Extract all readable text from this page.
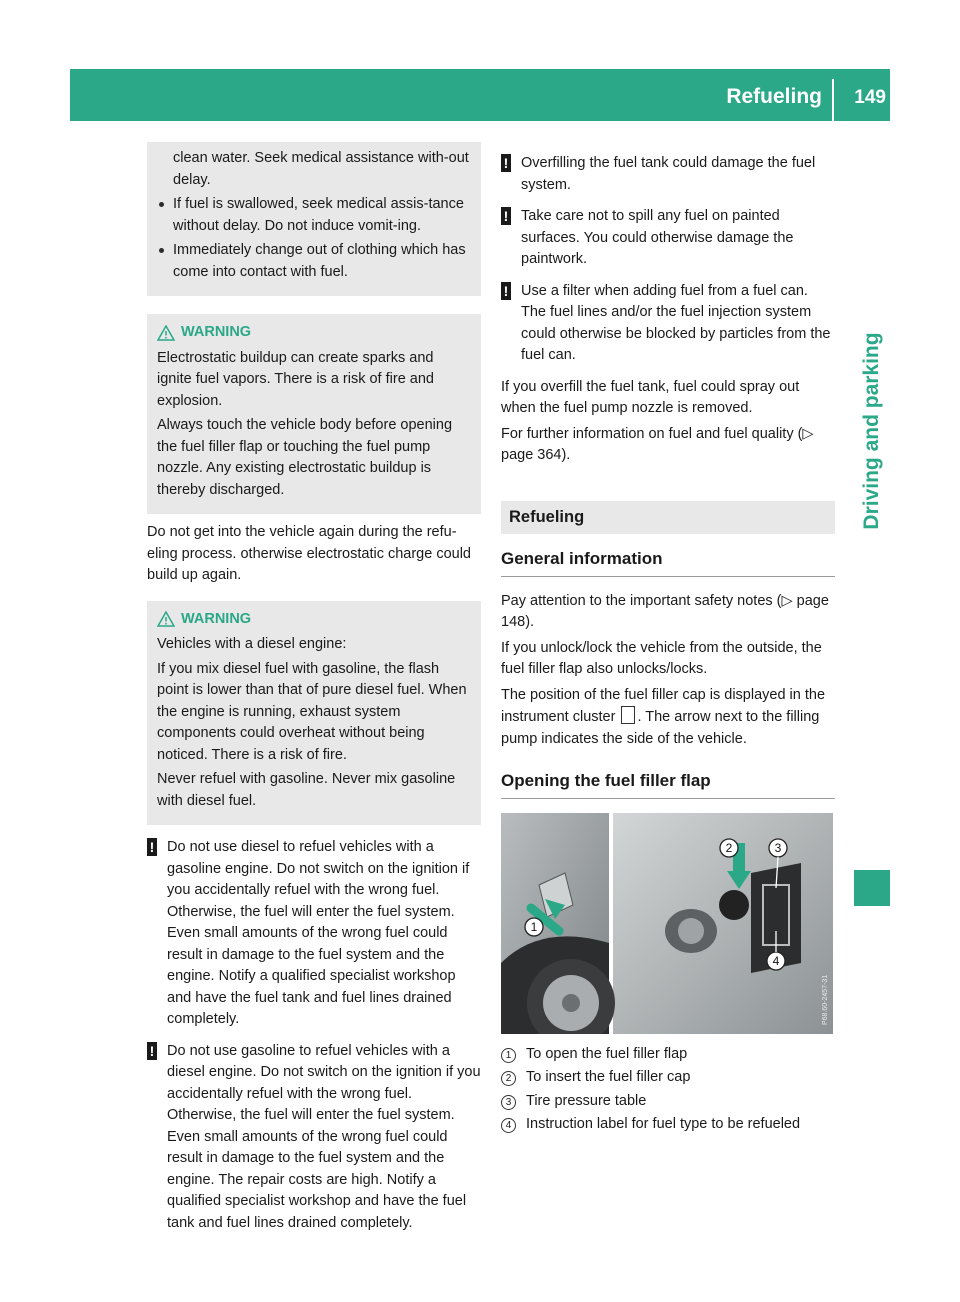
Refueling 149
Driving and parking

clean water. Seek medical assistance with-out delay.

If fuel is swallowed, seek medical assis-tance without delay. Do not induce vomit-ing.

Immediately change out of clothing which has come into contact with fuel.

WARNING

Electrostatic buildup can create sparks and ignite fuel vapors. There is a risk of fire and explosion.

Always touch the vehicle body before opening the fuel filler flap or touching the fuel pump nozzle. Any existing electrostatic buildup is thereby discharged.

Do not get into the vehicle again during the refu-eling process. otherwise electrostatic charge could build up again.

WARNING

Vehicles with a diesel engine:

If you mix diesel fuel with gasoline, the flash point is lower than that of pure diesel fuel. When the engine is running, exhaust system components could overheat without being noticed. There is a risk of fire.

Never refuel with gasoline. Never mix gasoline with diesel fuel.

! Do not use diesel to refuel vehicles with a gasoline engine. Do not switch on the ignition if you accidentally refuel with the wrong fuel. Otherwise, the fuel will enter the fuel system. Even small amounts of the wrong fuel could result in damage to the fuel system and the engine. Notify a qualified specialist workshop and have the fuel tank and fuel lines drained completely.

! Do not use gasoline to refuel vehicles with a diesel engine. Do not switch on the ignition if you accidentally refuel with the wrong fuel. Otherwise, the fuel will enter the fuel system. Even small amounts of the wrong fuel could result in damage to the fuel system and the engine. The repair costs are high. Notify a qualified specialist workshop and have the fuel tank and fuel lines drained completely.

! Overfilling the fuel tank could damage the fuel system.

! Take care not to spill any fuel on painted surfaces. You could otherwise damage the paintwork.

! Use a filter when adding fuel from a fuel can. The fuel lines and/or the fuel injection system could otherwise be blocked by particles from the fuel can.

If you overfill the fuel tank, fuel could spray out when the fuel pump nozzle is removed.

For further information on fuel and fuel quality (▷ page 364).

Refueling
General information

Pay attention to the important safety notes (▷ page 148).

If you unlock/lock the vehicle from the outside, the fuel filler flap also unlocks/locks.

The position of the fuel filler cap is displayed in the instrument cluster . The arrow next to the filling pump indicates the side of the vehicle.

Opening the fuel filler flap
1
2	3
4
P68.60-2457-31
1	To open the fuel filler flap
2	To insert the fuel filler cap
3	Tire pressure table
4	Instruction label for fuel type to be refueled
